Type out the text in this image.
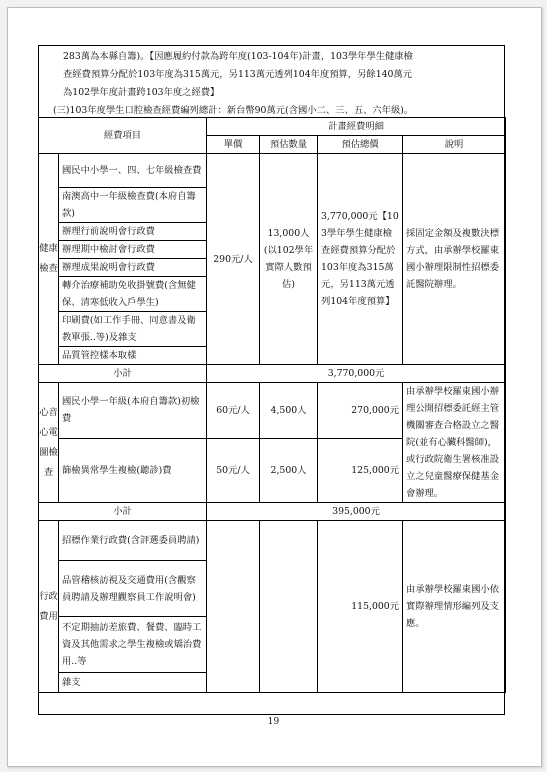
283萬為本縣自籌)。【因應履約付款為跨年度(103-104年)計畫，103學年學生健康檢

查經費預算分配於103年度為315萬元，另113萬元透列104年度預算，另餘140萬元

為102學年度計畫跨103年度之經費】

(三)103年度學生口腔檢查經費編列總計：新台幣90萬元(含國小二、三、五、六年級)。

經費項目		計畫經費明細			
		單價	預估數量	預估總價	說明
健康檢查	國民中小學一、四、七年級檢查費	290元/人	13,000人(以102學年實際人數預估)	3,770,000元【103學年學生健康檢查經費預算分配於103年度為315萬元，另113萬元透列104年度預算】	採固定金額及複數決標方式，由承辦學校羅東國小辦理限制性招標委託醫院辦理。
	南澳高中一年級檢查費(本府自籌款)				
	辦理行前說明會行政費				
	辦理期中檢討會行政費				
	辦理成果說明會行政費				
	轉介治療補助免收掛號費(含無健保、清寒低收入戶學生)				
	印刷費(如工作手冊、同意書及衛教單張..等)及雜支				
	品質管控樣本取樣				
小計		3,770,000元			
心音心電圖檢查	國民小學一年級(本府自籌款)初檢費	60元/人	4,500人	270,000元	由承辦學校羅東國小辦理公開招標委託經主管機關審查合格設立之醫院(並有心臟科醫師)，或行政院衛生署核准設立之兒童醫療保健基金會辦理。
	篩檢異常學生複檢(聽診)費	50元/人	2,500人	125,000元	
小計		395,000元			
行政費用	招標作業行政費(含評選委員聘請)			115,000元	由承辦學校羅東國小依實際辦理情形編列及支應。
	品管稽核訪視及交通費用(含觀察員聘請及辦理觀察員工作說明會)				
	不定期抽訪差旅費、餐費、臨時工資及其他需求之學生複檢或矯治費用..等				
	雜支				
19
